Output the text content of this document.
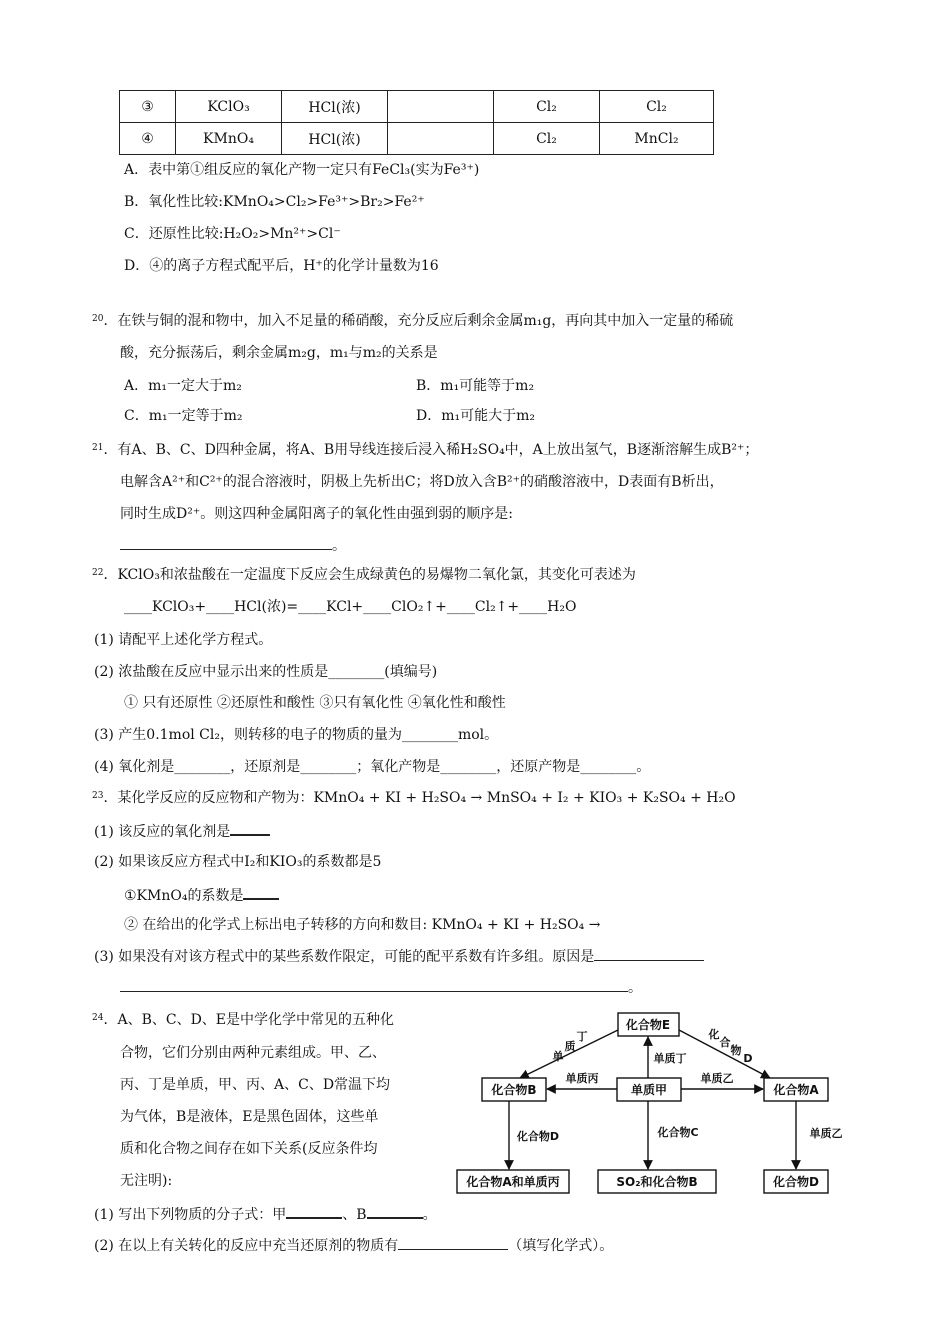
③	KClO₃	HCl(浓)		Cl₂	Cl₂
④	KMnO₄	HCl(浓)		Cl₂	MnCl₂
A．表中第①组反应的氧化产物一定只有FeCl₃(实为Fe³⁺)
B．氧化性比较:KMnO₄>Cl₂>Fe³⁺>Br₂>Fe²⁺
C．还原性比较:H₂O₂>Mn²⁺>Cl⁻
D．④的离子方程式配平后，H⁺的化学计量数为16
$^{20}$．在铁与铜的混和物中，加入不足量的稀硝酸，充分反应后剩余金属m₁g，再向其中加入一定量的稀硫
酸，充分振荡后，剩余金属m₂g，m₁与m₂的关系是
A．m₁一定大于m₂	B．m₁可能等于m₂
C．m₁一定等于m₂	D．m₁可能大于m₂
$^{21}$．有A、B、C、D四种金属，将A、B用导线连接后浸入稀H₂SO₄中，A上放出氢气，B逐渐溶解生成B²⁺；
电解含A²⁺和C²⁺的混合溶液时，阴极上先析出C；将D放入含B²⁺的硝酸溶液中，D表面有B析出，
同时生成D²⁺。则这四种金属阳离子的氧化性由强到弱的顺序是:
。
$^{22}$．KClO₃和浓盐酸在一定温度下反应会生成绿黄色的易爆物二氧化氯，其变化可表述为
____KClO₃+____HCl(浓)=____KCl+____ClO₂↑+____Cl₂↑+____H₂O
(1) 请配平上述化学方程式。
(2) 浓盐酸在反应中显示出来的性质是________(填编号)
① 只有还原性 ②还原性和酸性 ③只有氧化性 ④氧化性和酸性
(3) 产生0.1mol Cl₂，则转移的电子的物质的量为________mol。
(4) 氧化剂是________，还原剂是________；氧化产物是________，还原产物是________。
$^{23}$．某化学反应的反应物和产物为：KMnO₄ + KI + H₂SO₄ → MnSO₄ + I₂ + KIO₃ + K₂SO₄ + H₂O
(1) 该反应的氧化剂是
(2) 如果该反应方程式中I₂和KIO₃的系数都是5
①KMnO₄的系数是
② 在给出的化学式上标出电子转移的方向和数目: KMnO₄ + KI + H₂SO₄ →
(3) 如果没有对该方程式中的某些系数作限定，可能的配平系数有许多组。原因是
。
$^{24}$．A、B、C、D、E是中学化学中常见的五种化
合物，它们分别由两种元素组成。甲、乙、
丙、丁是单质，甲、丙、A、C、D常温下均
为气体，B是液体，E是黑色固体，这些单
质和化合物之间存在如下关系(反应条件均
无注明):
(1) 写出下列物质的分子式：甲	、B	。
(2) 在以上有关转化的反应中充当还原剂的物质有	（填写化学式）。
化合物E
化合物B	单质甲	化合物A
化合物A和单质丙	SO₂和化合物B	化合物D
单
质
丁	化
合
物
D
单质丁
单质丙	单质乙
化合物D	化合物C	单质乙
